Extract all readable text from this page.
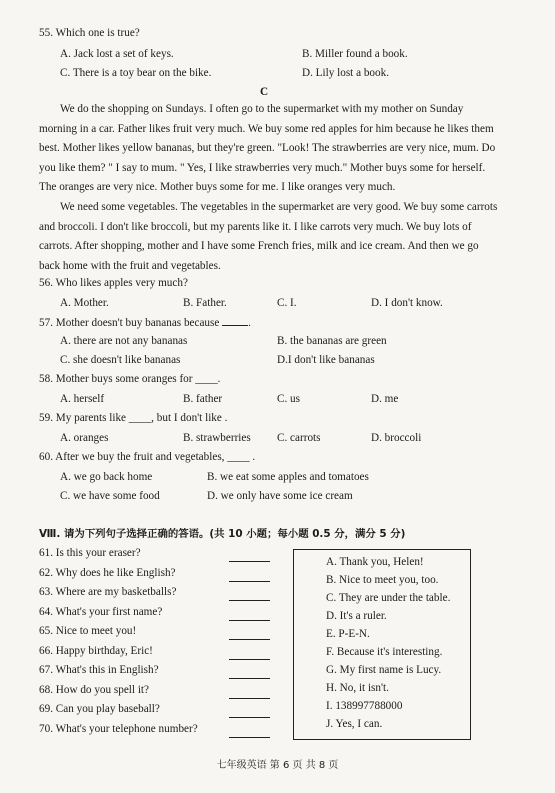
55. Which one is true?
A. Jack lost a set of keys.	B. Miller found a book.
C. There is a toy bear on the bike.	D. Lily lost a book.
C
We do the shopping on Sundays. I often go to the supermarket with my mother on Sunday
morning in a car. Father likes fruit very much. We buy some red apples for him because he likes them
best. Mother likes yellow bananas, but they're green. "Look! The strawberries are very nice, mum. Do
you like them? " I say to mum. " Yes, I like strawberries very much." Mother buys some for herself.
The oranges are very nice. Mother buys some for me. I like oranges very much.
We need some vegetables. The vegetables in the supermarket are very good. We buy some carrots
and broccoli. I don't like broccoli, but my parents like it. I like carrots very much. We buy lots of
carrots. After shopping, mother and I have some French fries, milk and ice cream. And then we go
back home with the fruit and vegetables.
56. Who likes apples very much?
A. Mother.	B. Father.	C. I.	D. I don't know.
57. Mother doesn't buy bananas because	.
A. there are not any bananas	B. the bananas are green
C. she doesn't like bananas	D.I don't like bananas
58. Mother buys some oranges for ____.
A. herself	B. father	C. us	D. me
59. My parents like ____, but I don't like .
A. oranges	B. strawberries C. carrots	D. broccoli
60. After we buy the fruit and vegetables, ____ .
A. we go back home	B. we eat some apples and tomatoes
C. we have some food	D. we only have some ice cream
Ⅷ. 请为下列句子选择正确的答语。(共 10 小题；每小题 0.5 分，满分 5 分)
61. Is this your eraser?
62. Why does he like English?
63. Where are my basketballs?
64. What's your first name?
65. Nice to meet you!
66. Happy birthday, Eric!
67. What's this in English?
68. How do you spell it?
69. Can you play baseball?
70. What's your telephone number?
A. Thank you, Helen!
B. Nice to meet you, too.
C. They are under the table.
D. It's a ruler.
E. P-E-N.
F. Because it's interesting.
G. My first name is Lucy.
H. No, it isn't.
I. 138997788000
J. Yes, I can.
七年级英语 第 6 页 共 8 页
